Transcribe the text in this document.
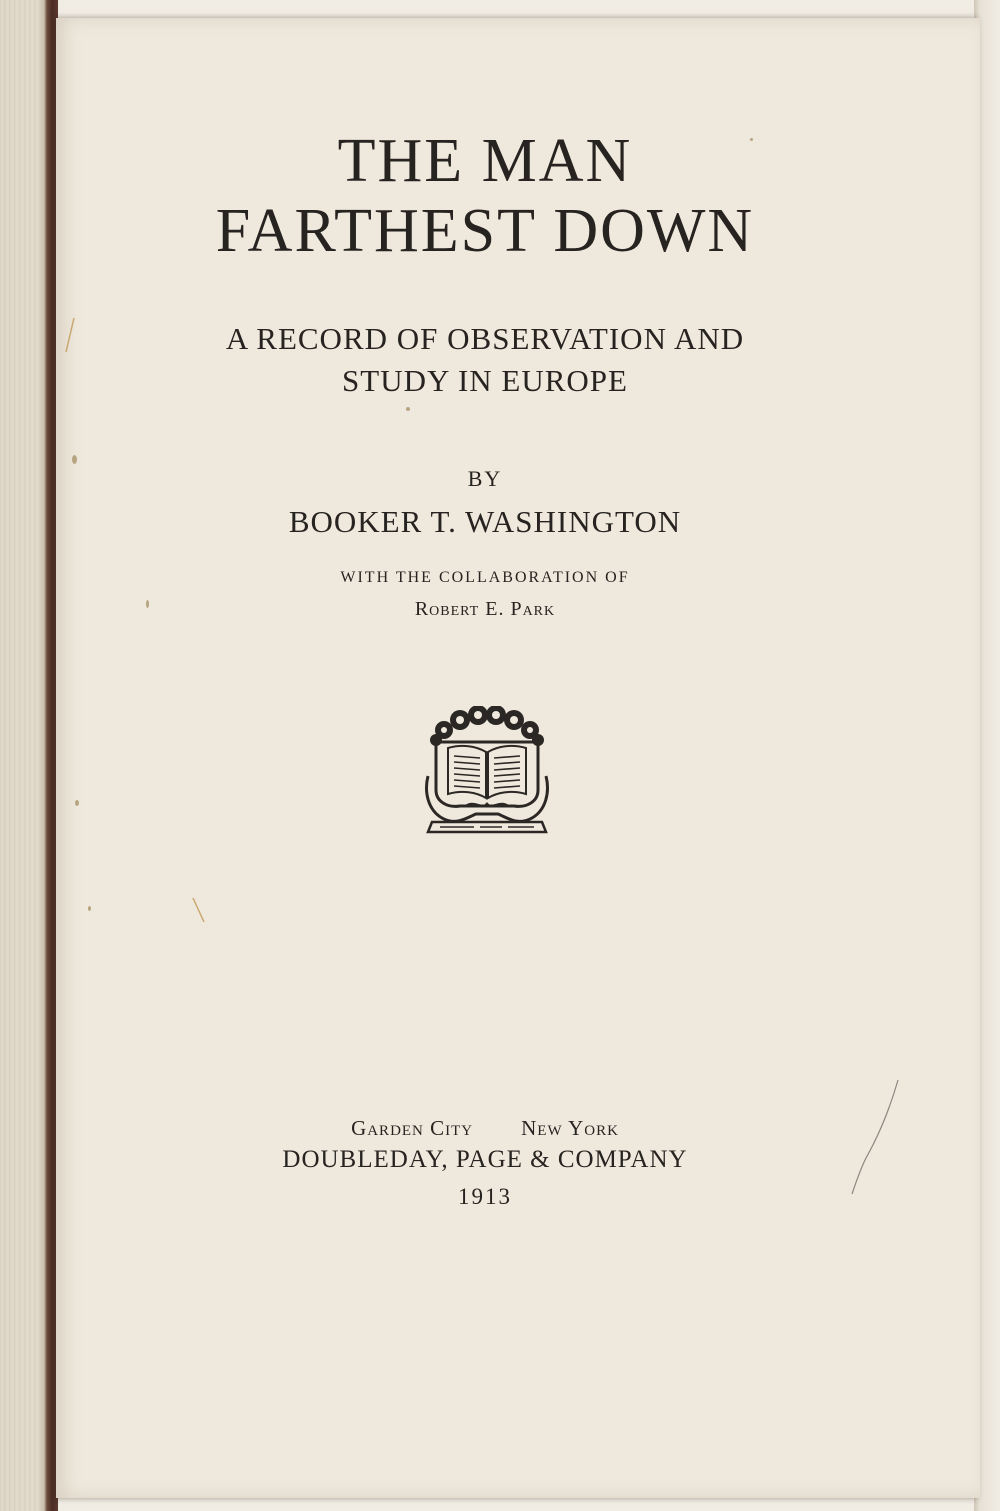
THE MAN
FARTHEST DOWN
A RECORD OF OBSERVATION AND
STUDY IN EUROPE
BY
BOOKER T. WASHINGTON
WITH THE COLLABORATION OF
Robert E. Park
Garden City New York
DOUBLEDAY, PAGE & COMPANY
1913
